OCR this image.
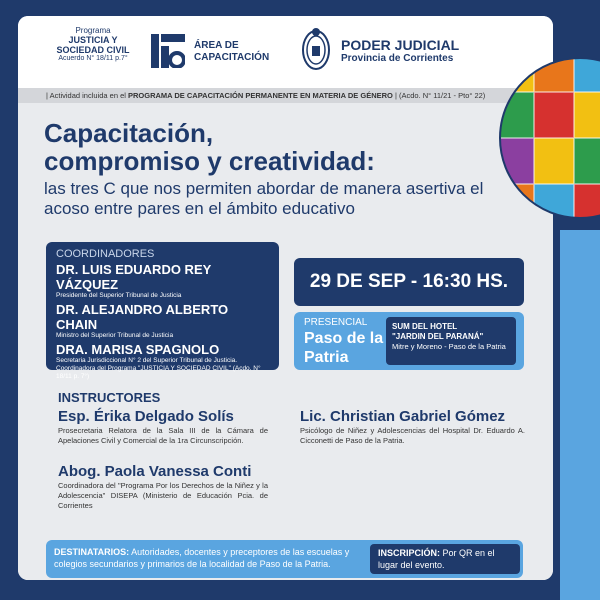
Programa
JUSTICIA Y
SOCIEDAD CIVIL
Acuerdo N° 18/11 p.7°
ÁREA DE
CAPACITACIÓN
PODER JUDICIAL
Provincia de Corrientes
| Actividad incluida en el PROGRAMA DE CAPACITACIÓN PERMANENTE EN MATERIA DE GÉNERO | (Acdo. N° 11/21 - Pto° 22)
Capacitación,
compromiso y creatividad:
las tres C que nos permiten abordar de manera asertiva el acoso entre pares en el ámbito educativo
COORDINADORES
DR. LUIS EDUARDO REY VÁZQUEZ
Presidente del Superior Tribunal de Justicia
DR. ALEJANDRO ALBERTO CHAIN
Ministro del Superior Tribunal de Justicia
DRA. MARISA SPAGNOLO
Secretaria Jurisdiccional N° 2 del Superior Tribunal de Justicia. Coordinadora del Programa "JUSTICIA Y SOCIEDAD CIVIL" (Acdo. N° 18/11 p. 7°)
29 DE SEP - 16:30 HS.
PRESENCIAL
Paso de la Patria
SUM DEL HOTEL
"JARDIN DEL PARANÁ"
Mitre y Moreno - Paso de la Patria
INSTRUCTORES
Esp. Érika Delgado Solís
Prosecretaria Relatora de la Sala III de la Cámara de Apelaciones Civil y Comercial de la 1ra Circunscripción.
Lic. Christian Gabriel Gómez
Psicólogo de Niñez y Adolescencias del Hospital Dr. Eduardo A. Cicconetti de Paso de la Patria.
Abog. Paola Vanessa Conti
Coordinadora del "Programa Por los Derechos de la Niñez y la Adolescencia" DISEPA (Ministerio de Educación Pcia. de Corrientes
DESTINATARIOS: Autoridades, docentes y preceptores de las escuelas y colegios secundarios y primarios de la localidad de Paso de la Patria.
INSCRIPCIÓN: Por QR en el lugar del evento.
